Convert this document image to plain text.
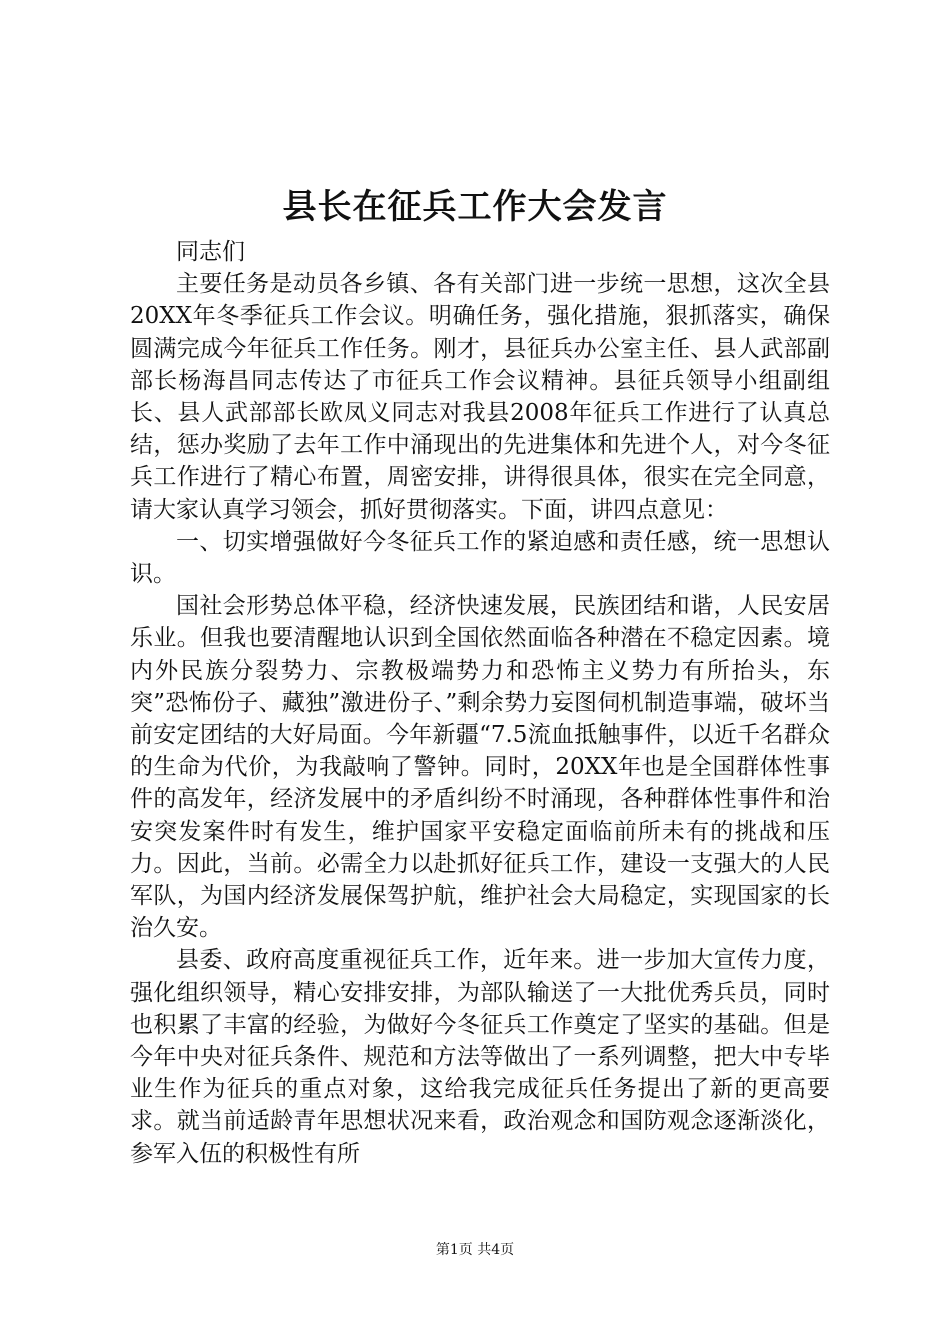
县长在征兵工作大会发言

同志们

主要任务是动员各乡镇、各有关部门进一步统一思想，这次全县20XX年冬季征兵工作会议。明确任务，强化措施，狠抓落实，确保圆满完成今年征兵工作任务。刚才，县征兵办公室主任、县人武部副部长杨海昌同志传达了市征兵工作会议精神。县征兵领导小组副组长、县人武部部长欧凤义同志对我县2008年征兵工作进行了认真总结，惩办奖励了去年工作中涌现出的先进集体和先进个人，对今冬征兵工作进行了精心布置，周密安排，讲得很具体，很实在完全同意，请大家认真学习领会，抓好贯彻落实。下面，讲四点意见：

一、切实增强做好今冬征兵工作的紧迫感和责任感，统一思想认识。

国社会形势总体平稳，经济快速发展，民族团结和谐，人民安居乐业。但我也要清醒地认识到全国依然面临各种潜在不稳定因素。境内外民族分裂势力、宗教极端势力和恐怖主义势力有所抬头，东突”恐怖份子、藏独”激进份子、”剩余势力妄图伺机制造事端，破坏当前安定团结的大好局面。今年新疆“7.5流血抵触事件，以近千名群众的生命为代价，为我敲响了警钟。同时，20XX年也是全国群体性事件的高发年，经济发展中的矛盾纠纷不时涌现，各种群体性事件和治安突发案件时有发生，维护国家平安稳定面临前所未有的挑战和压力。因此，当前。必需全力以赴抓好征兵工作，建设一支强大的人民军队，为国内经济发展保驾护航，维护社会大局稳定，实现国家的长治久安。

县委、政府高度重视征兵工作，近年来。进一步加大宣传力度，强化组织领导，精心安排安排，为部队输送了一大批优秀兵员，同时也积累了丰富的经验，为做好今冬征兵工作奠定了坚实的基础。但是今年中央对征兵条件、规范和方法等做出了一系列调整，把大中专毕业生作为征兵的重点对象，这给我完成征兵任务提出了新的更高要求。就当前适龄青年思想状况来看，政治观念和国防观念逐渐淡化，参军入伍的积极性有所

第1页 共4页
